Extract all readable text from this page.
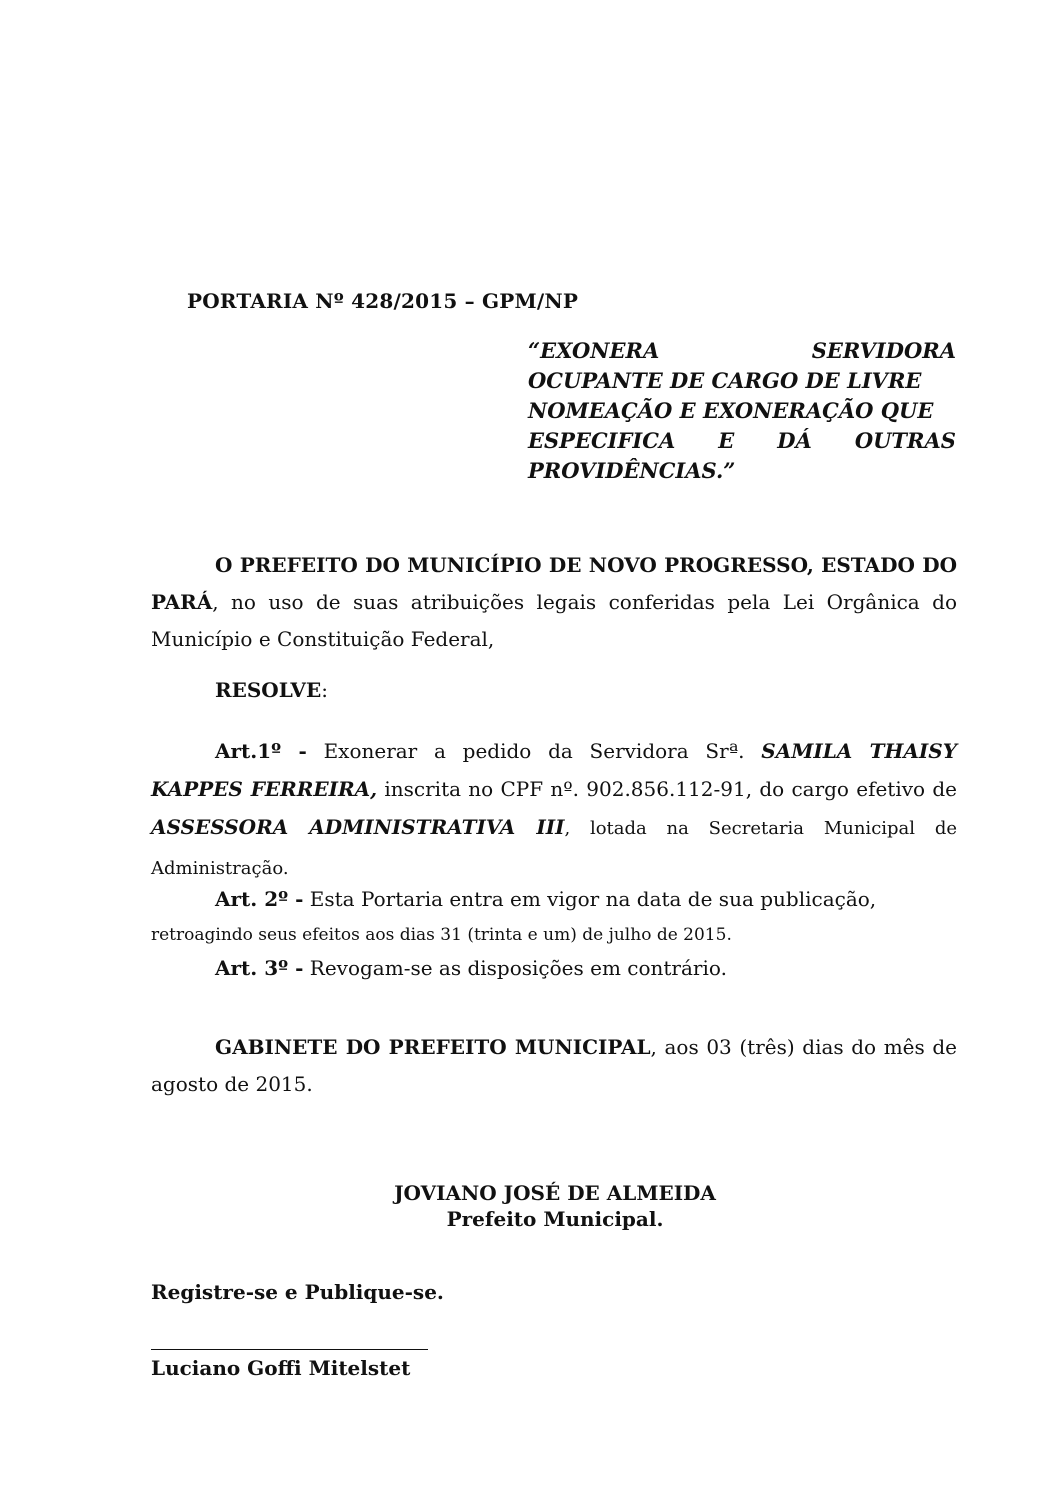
PORTARIA Nº 428/2015 – GPM/NP

“EXONERA	SERVIDORA
OCUPANTE DE CARGO DE LIVRE
NOMEAÇÃO E EXONERAÇÃO QUE
ESPECIFICA E DÁ OUTRAS
PROVIDÊNCIAS.”

O PREFEITO DO MUNICÍPIO DE NOVO PROGRESSO, ESTADO DO PARÁ, no uso de suas atribuições legais conferidas pela Lei Orgânica do Município e Constituição Federal,

RESOLVE:

Art.1º - Exonerar a pedido da Servidora Srª. SAMILA THAISY KAPPES FERREIRA, inscrita no CPF nº. 902.856.112-91, do cargo efetivo de ASSESSORA ADMINISTRATIVA III, lotada na Secretaria Municipal de Administração.

Art. 2º - Esta Portaria entra em vigor na data de sua publicação,
retroagindo seus efeitos aos dias 31 (trinta e um) de julho de 2015.

Art. 3º - Revogam-se as disposições em contrário.

GABINETE DO PREFEITO MUNICIPAL, aos 03 (três) dias do mês de agosto de 2015.

JOVIANO JOSÉ DE ALMEIDA

Prefeito Municipal.

Registre-se e Publique-se.

Luciano Goffi Mitelstet
